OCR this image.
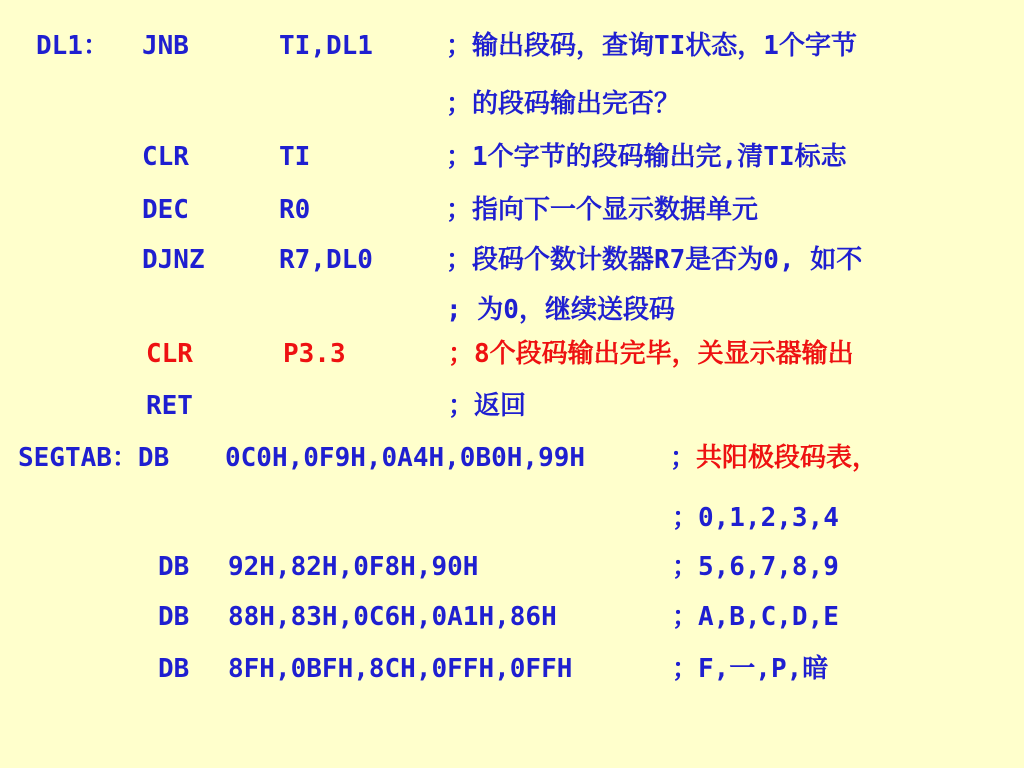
DL1： JNB	TI,DL1	；输出段码，查询TI状态，1个字节
；的段码输出完否？
CLR	TI	；1个字节的段码输出完,清TI标志
DEC	R0	；指向下一个显示数据单元
DJNZ	R7,DL0	；段码个数计数器R7是否为0, 如不
; 为0，继续送段码
CLR	P3.3	；8个段码输出完毕，关显示器输出
RET	；返回
SEGTAB：DB 0C0H,0F9H,0A4H,0B0H,99H	；共阳极段码表，
；0,1,2,3,4
DB 92H,82H,0F8H,90H	；5,6,7,8,9
DB 88H,83H,0C6H,0A1H,86H	；A,B,C,D,E
DB 8FH,0BFH,8CH,0FFH,0FFH	；F,一,P,暗
